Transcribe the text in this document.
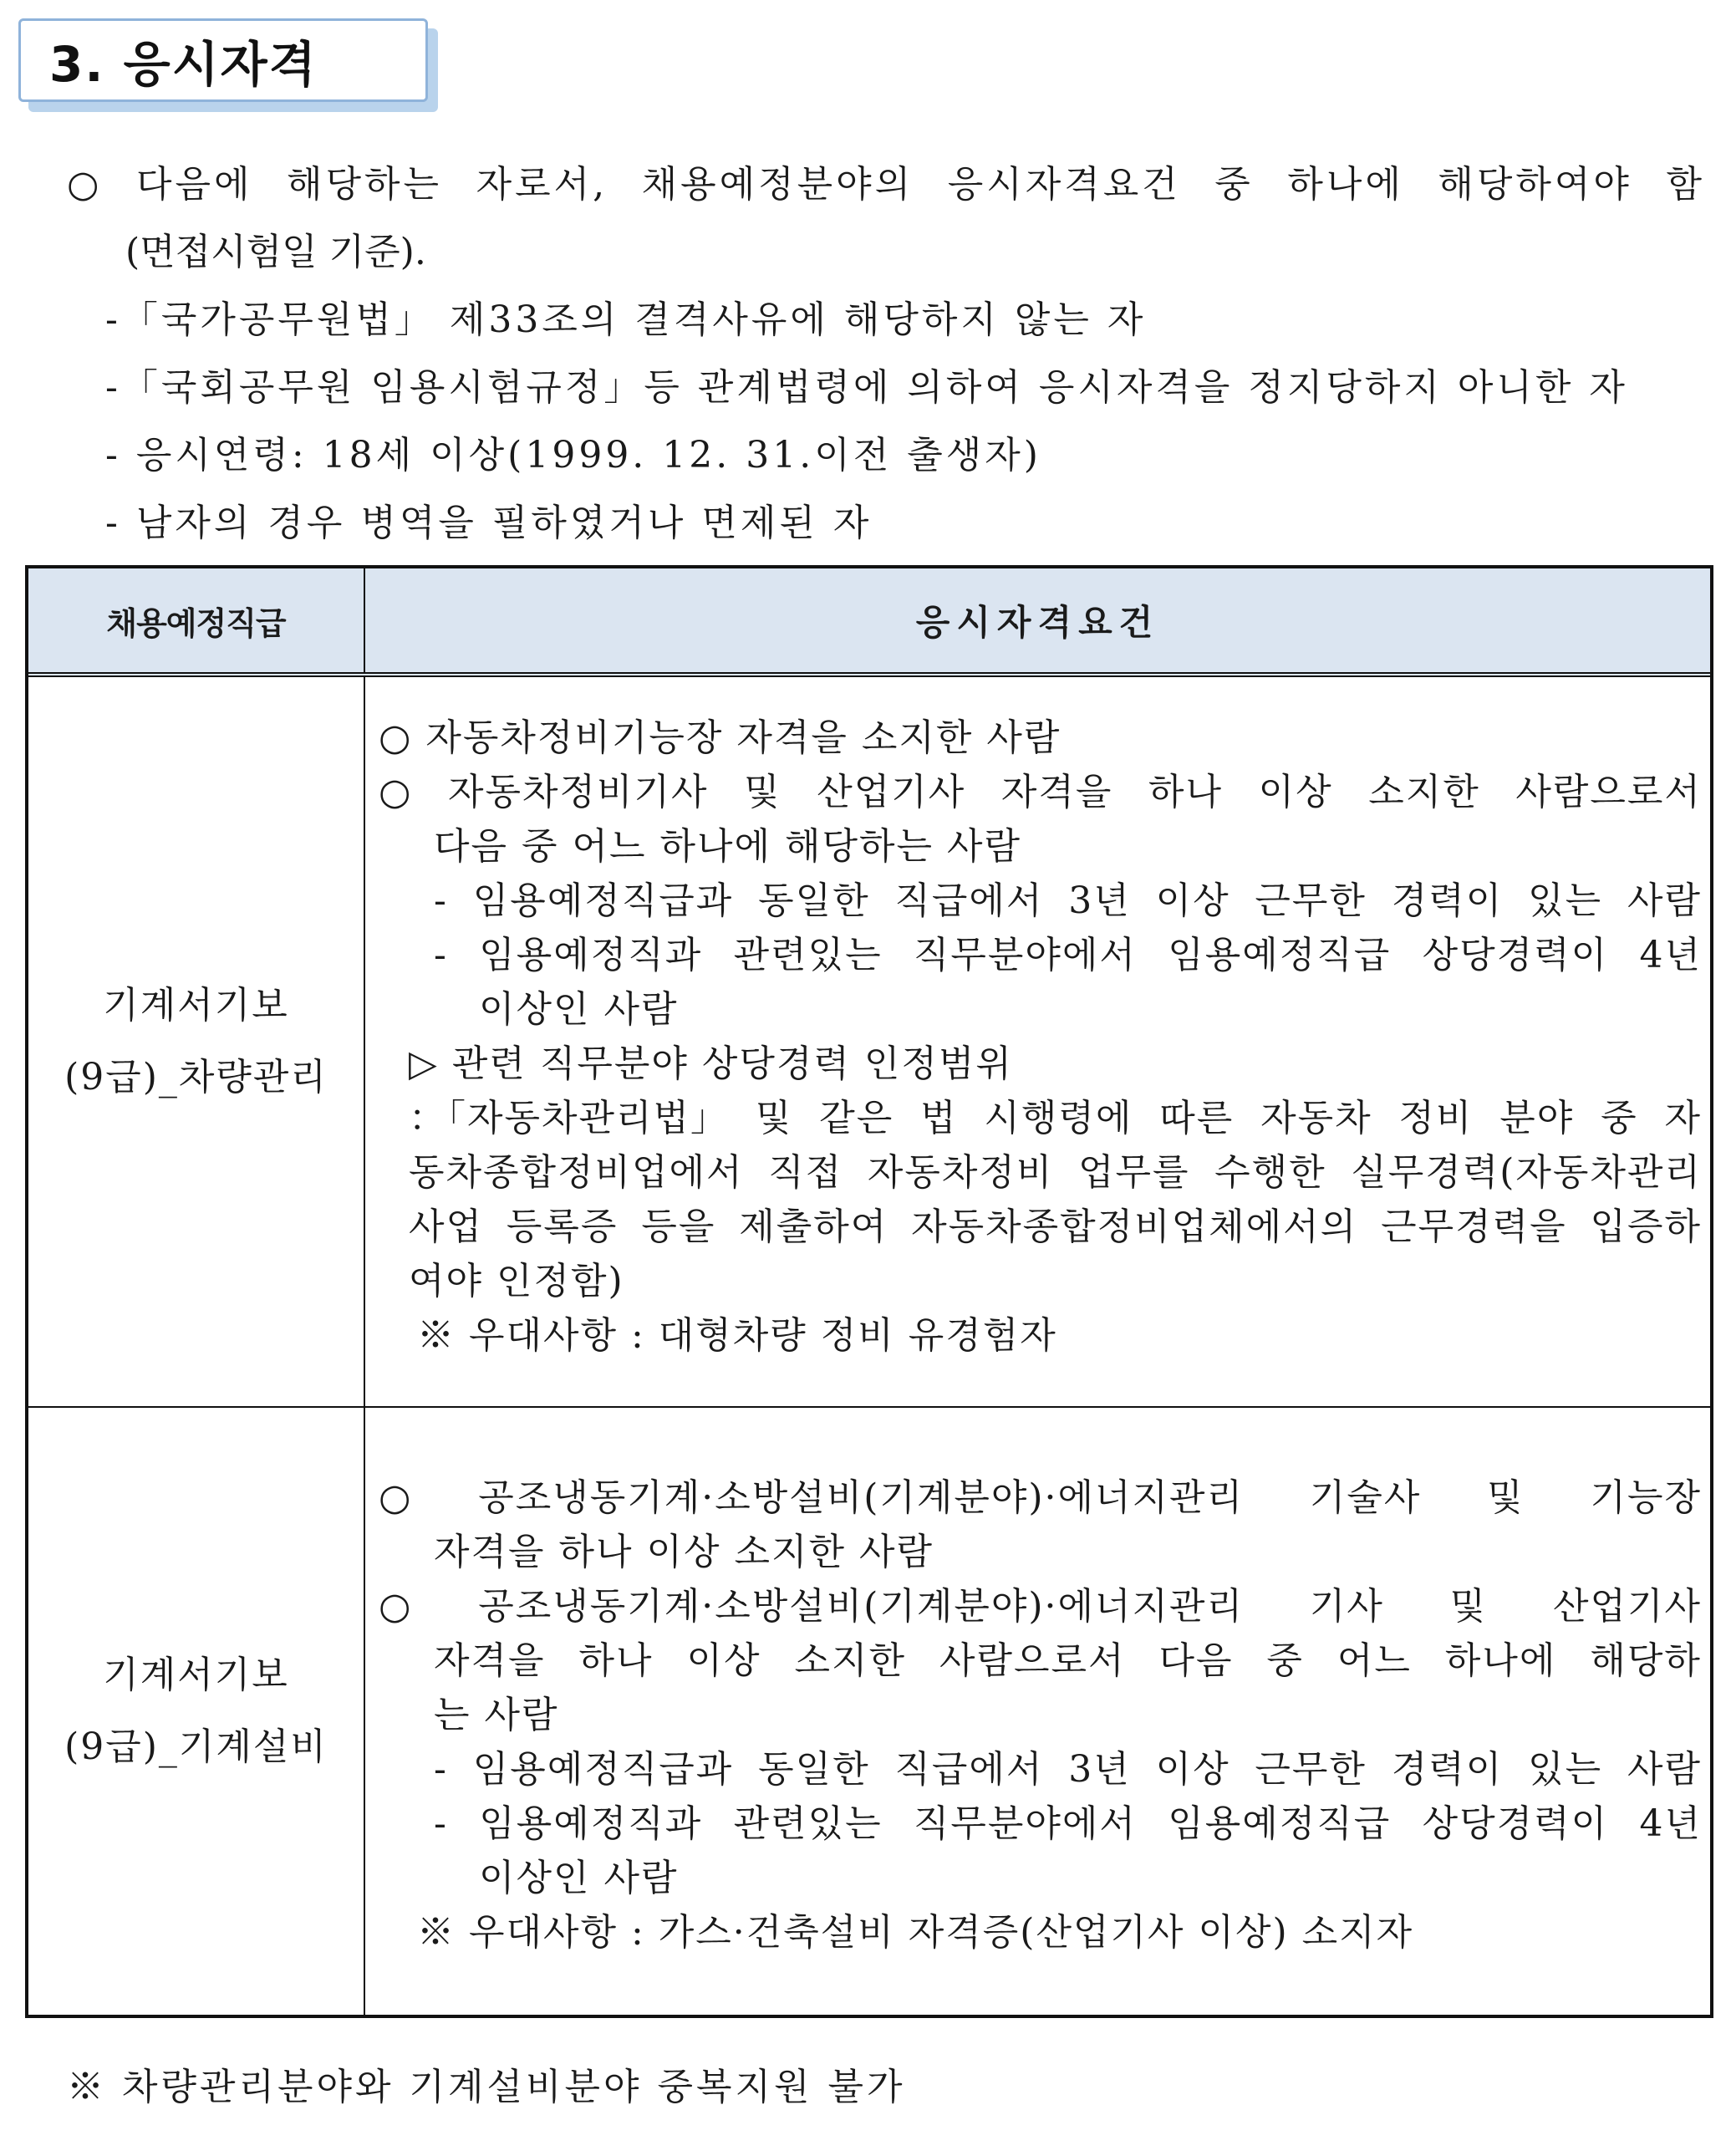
3. 응시자격
○ 다음에 해당하는 자로서, 채용예정분야의 응시자격요건 중 하나에 해당하여야 함
(면접시험일 기준).
-「국가공무원법」 제33조의 결격사유에 해당하지 않는 자
-「국회공무원 임용시험규정」등 관계법령에 의하여 응시자격을 정지당하지 아니한 자
- 응시연령: 18세 이상(1999. 12. 31.이전 출생자)
- 남자의 경우 병역을 필하였거나 면제된 자
채용예정직급	응시자격요건
기계서기보
(9급)_차량관리
○ 자동차정비기능장 자격을 소지한 사람
○ 자동차정비기사 및 산업기사 자격을 하나 이상 소지한 사람으로서
다음 중 어느 하나에 해당하는 사람
- 임용예정직급과 동일한 직급에서 3년 이상 근무한 경력이 있는 사람
- 임용예정직과 관련있는 직무분야에서 임용예정직급 상당경력이 4년
이상인 사람
▷ 관련 직무분야 상당경력 인정범위
：「자동차관리법」 및 같은 법 시행령에 따른 자동차 정비 분야 중 자
동차종합정비업에서 직접 자동차정비 업무를 수행한 실무경력(자동차관리
사업 등록증 등을 제출하여 자동차종합정비업체에서의 근무경력을 입증하
여야 인정함)
※ 우대사항 : 대형차량 정비 유경험자
기계서기보
(9급)_기계설비
○ 공조냉동기계·소방설비(기계분야)·에너지관리 기술사 및 기능장
자격을 하나 이상 소지한 사람
○ 공조냉동기계·소방설비(기계분야)·에너지관리 기사 및 산업기사
자격을 하나 이상 소지한 사람으로서 다음 중 어느 하나에 해당하
는 사람
- 임용예정직급과 동일한 직급에서 3년 이상 근무한 경력이 있는 사람
- 임용예정직과 관련있는 직무분야에서 임용예정직급 상당경력이 4년
이상인 사람
※ 우대사항 : 가스·건축설비 자격증(산업기사 이상) 소지자
※ 차량관리분야와 기계설비분야 중복지원 불가
